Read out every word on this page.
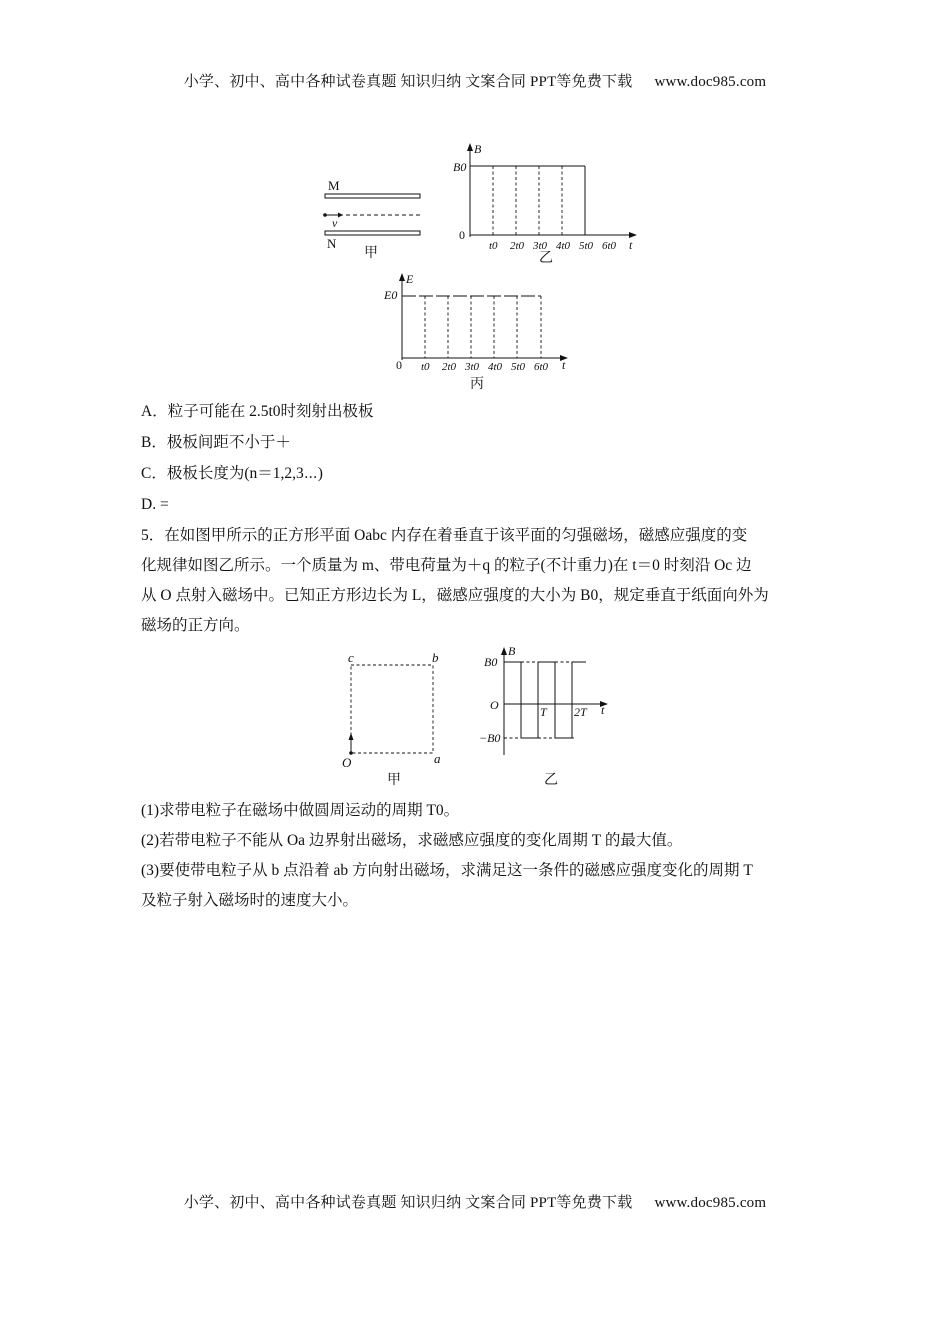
小学、初中、高中各种试卷真题 知识归纳 文案合同 PPT等免费下载 www.doc985.com
M
v
N
甲
B
t
B0
0
t0 2t0 3t0 4t0 5t0 6t0
乙
E
t
E0
0 t0 2t0 3t0 4t0 5t0 6t0
丙
A．粒子可能在 2.5t0时刻射出极板
B．极板间距不小于＋
C．极板长度为(n＝1,2,3⋯)
D. =
5．在如图甲所示的正方形平面 Oabc 内存在着垂直于该平面的匀强磁场，磁感应强度的变
化规律如图乙所示。一个质量为 m、带电荷量为＋q 的粒子(不计重力)在 t＝0 时刻沿 Oc 边
从 O 点射入磁场中。已知正方形边长为 L，磁感应强度的大小为 B0，规定垂直于纸面向外为
磁场的正方向。
c	b
O	a
甲
B
t
B0
O
−B0
T 2T
乙
(1)求带电粒子在磁场中做圆周运动的周期 T0。
(2)若带电粒子不能从 Oa 边界射出磁场，求磁感应强度的变化周期 T 的最大值。
(3)要使带电粒子从 b 点沿着 ab 方向射出磁场，求满足这一条件的磁感应强度变化的周期 T
及粒子射入磁场时的速度大小。
小学、初中、高中各种试卷真题 知识归纳 文案合同 PPT等免费下载 www.doc985.com
